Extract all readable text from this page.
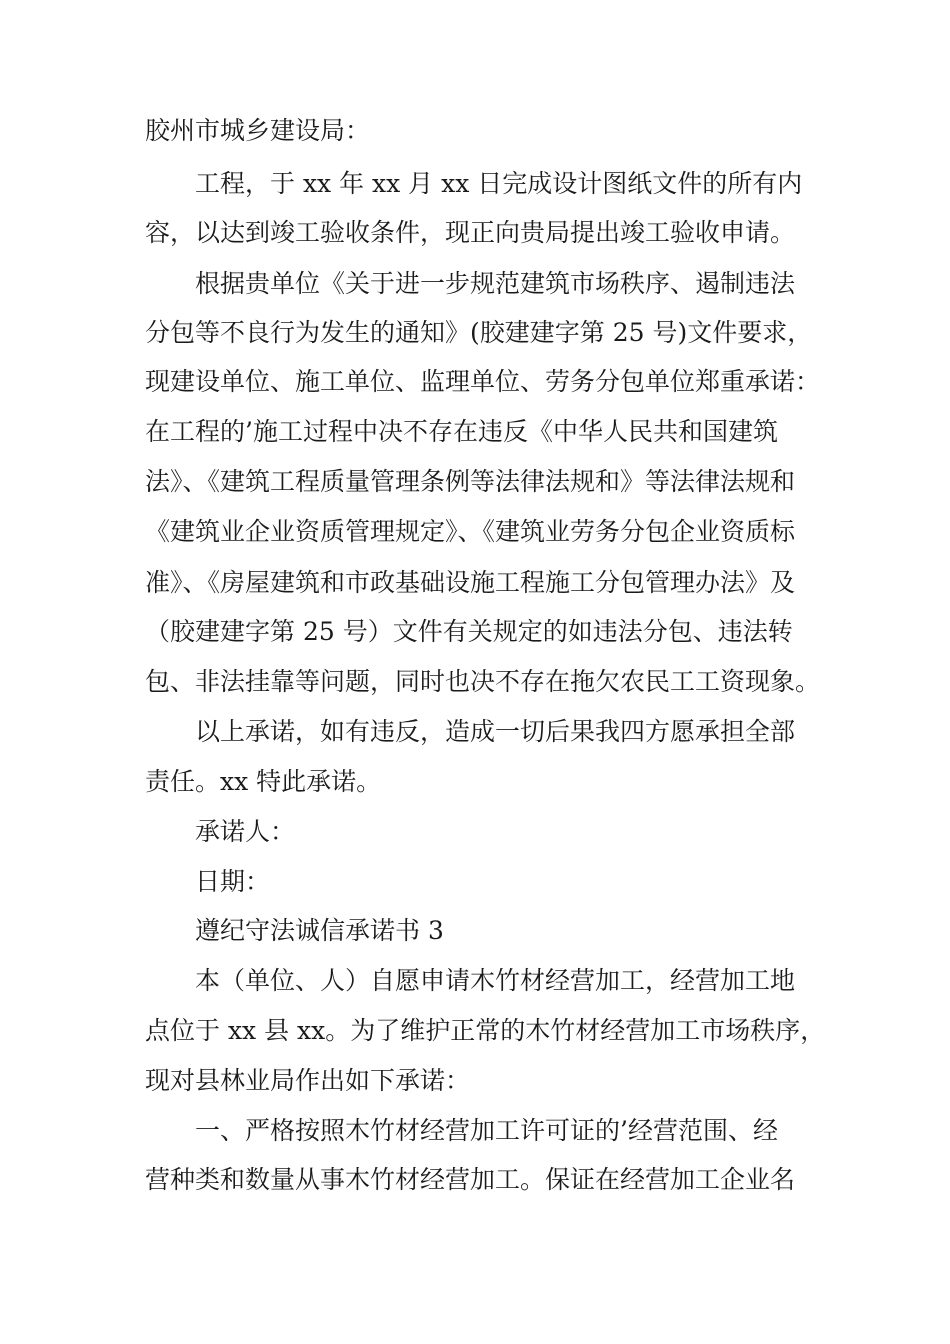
胶州市城乡建设局：
工程，于 xx 年 xx 月 xx 日完成设计图纸文件的所有内
容，以达到竣工验收条件，现正向贵局提出竣工验收申请。
根据贵单位《关于进一步规范建筑市场秩序、遏制违法
分包等不良行为发生的通知》(胶建建字第 25 号)文件要求，
现建设单位、施工单位、监理单位、劳务分包单位郑重承诺：
在工程的’施工过程中决不存在违反《中华人民共和国建筑
法》、《建筑工程质量管理条例等法律法规和》等法律法规和
《建筑业企业资质管理规定》、《建筑业劳务分包企业资质标
准》、《房屋建筑和市政基础设施工程施工分包管理办法》及
（胶建建字第 25 号）文件有关规定的如违法分包、违法转
包、非法挂靠等问题，同时也决不存在拖欠农民工工资现象。
以上承诺，如有违反，造成一切后果我四方愿承担全部
责任。xx 特此承诺。
承诺人：
日期：
遵纪守法诚信承诺书 3
本（单位、人）自愿申请木竹材经营加工，经营加工地
点位于 xx 县 xx。为了维护正常的木竹材经营加工市场秩序，
现对县林业局作出如下承诺：
一、严格按照木竹材经营加工许可证的’经营范围、经
营种类和数量从事木竹材经营加工。保证在经营加工企业名
